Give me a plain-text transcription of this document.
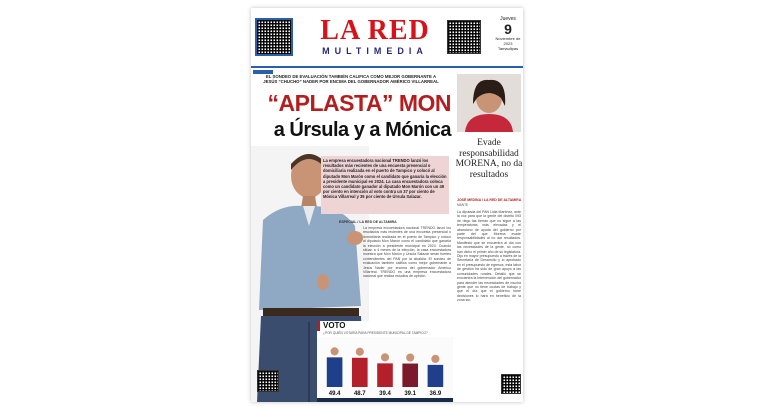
LA RED
MULTIMEDIA
Jueves
9
Noviembre de 2023
Tamaulipas
EL SONDEO DE EVALUACIÓN TAMBIÉN CALIFICA COMO MEJOR GOBERNANTE A JESÚS “CHUCHO” NADER POR ENCIMA DEL GOBERNADOR AMÉRICO VILLARREAL
“APLASTA” MON
a Úrsula y a Mónica
La empresa encuestadora nacional TRENDO lanzó los resultados más recientes de una encuesta presencial o domiciliaria realizada en el puerto de Tampico y colocó al diputado Mon Marón como el candidato que ganaría la elección a presidente municipal en 2024. La casa encuestadora coloca como un candidato ganador al diputado Mon Marón con un 49 por ciento en intención al voto contra un 37 por ciento de Mónica Villarreal y 35 por ciento de Úrsula Salazar.
ESPECIAL / LA RED DE ALTAMIRA
La empresa encuestadora nacional TRENDO lanzó los resultados más recientes de una encuesta presencial o domiciliaria realizada en el puerto de Tampico y colocó al diputado Mon Marón como el candidato que ganaría la elección a presidente municipal en 2024. Cuando sitúan a 4 meses de la elección, la casa encuestadora muestra que Mon Marón y Úrsula Salazar serán fuertes contendientes del PAN por la alcaldía. El sondeo de evaluación también califica como mejor gobernante a Jesús Nader por encima del gobernador Américo Villarreal. TRENDO es una empresa encuestadora nacional que realiza estudios de opinión.
VOTO
¿POR QUIÉN VOTARÍA PARA PRESIDENTE MUNICIPAL DE TAMPICO?
49.4 48.7 39.4 39.1 36.9
Evade responsabilidad MORENA, no da resultados
JOSÉ MEDINA / LA RED DE ALTAMIRA
MANTE
La diputada del PAN Lidia Martínez, ante la voz para que la gente del distrito 093 de riego las tierras que no sigue a las temperaturas más elevadas y el abandono de ayuda del gobierno por parte del que Morena evade responsabilidades al no dar resultados. Manifestó que se encuentra al día con las necesidades de la gente, no como han dicho el primer año de su legislatura. Dijo en mayor presupuesto a través de la Secretaría de Desarrollo y lo aprobado en el presupuesto de egresos, esta labor de gestión ha sido de gran apoyo a las comunidades rurales. Detalló que se encuentra la intervención del gobernador para atender las necesidades de mucha gente que no tiene cuotas de trabajo y que el día que el gobierno tome decisiones lo hará en beneficio de la zona sur.
